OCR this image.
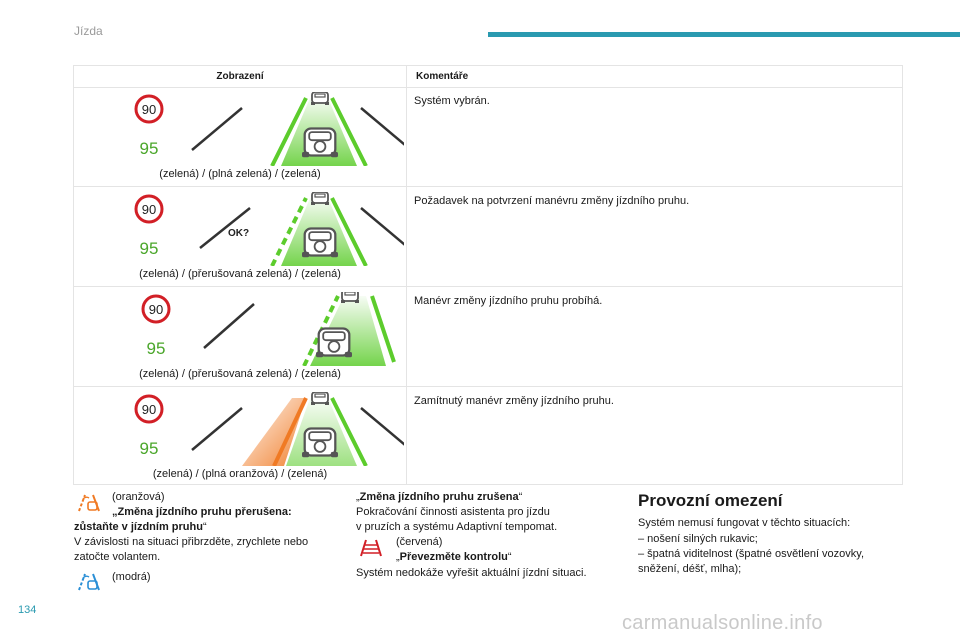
Jízda
Zobrazení	Komentáře
90
95
(zelená) / (plná zelená) / (zelená)
Systém vybrán.
90
95
OK?
(zelená) / (přerušovaná zelená) / (zelená)
Požadavek na potvrzení manévru změny jízdního pruhu.
90
95
(zelená) / (přerušovaná zelená) / (zelená)
Manévr změny jízdního pruhu probíhá.
90
95
(zelená) / (plná oranžová) / (zelená)
Zamítnutý manévr změny jízdního pruhu.
(oranžová)
„Změna jízdního pruhu přerušena:
zůstaňte v jízdním pruhu“
V závislosti na situaci přibrzděte, zrychlete nebo
zatočte volantem.
(modrá)
„Změna jízdního pruhu zrušena“
Pokračování činnosti asistenta pro jízdu
v pruzích a systému Adaptivní tempomat.
(červená)
„Převezměte kontrolu“
Systém nedokáže vyřešit aktuální jízdní situaci.
Provozní omezení
Systém nemusí fungovat v těchto situacích:
– nošení silných rukavic;
– špatná viditelnost (špatné osvětlení vozovky,
sněžení, déšť, mlha);
134
carmanualsonline.info
